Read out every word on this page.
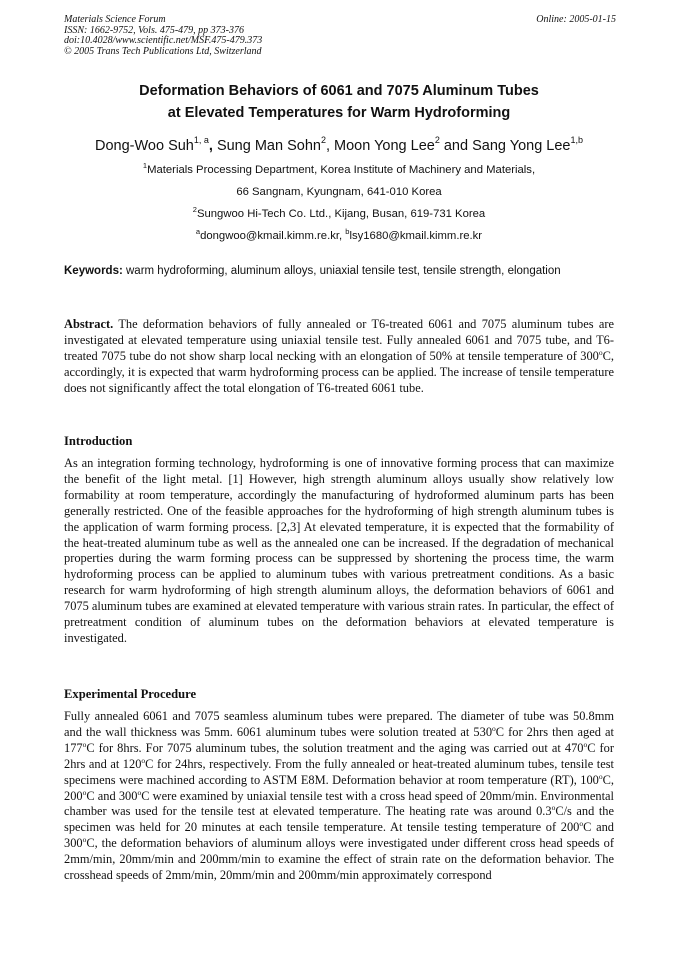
Materials Science Forum
ISSN: 1662-9752, Vols. 475-479, pp 373-376
doi:10.4028/www.scientific.net/MSF.475-479.373
© 2005 Trans Tech Publications Ltd, Switzerland
Online: 2005-01-15
Deformation Behaviors of 6061 and 7075 Aluminum Tubes
at Elevated Temperatures for Warm Hydroforming
Dong-Woo Suh$^{1, a}$, Sung Man Sohn$^2$, Moon Yong Lee$^2$ and Sang Yong Lee$^{1,b}$
$^1$Materials Processing Department, Korea Institute of Machinery and Materials,
66 Sangnam, Kyungnam, 641-010 Korea
$^2$Sungwoo Hi-Tech Co. Ltd., Kijang, Busan, 619-731 Korea
$^a$dongwoo@kmail.kimm.re.kr, $^b$lsy1680@kmail.kimm.re.kr
Keywords: warm hydroforming, aluminum alloys, uniaxial tensile test, tensile strength, elongation
Abstract. The deformation behaviors of fully annealed or T6-treated 6061 and 7075 aluminum tubes are investigated at elevated temperature using uniaxial tensile test. Fully annealed 6061 and 7075 tube, and T6-treated 7075 tube do not show sharp local necking with an elongation of 50% at tensile temperature of 300$^o$C, accordingly, it is expected that warm hydroforming process can be applied. The increase of tensile temperature does not significantly affect the total elongation of T6-treated 6061 tube.
Introduction
As an integration forming technology, hydroforming is one of innovative forming process that can maximize the benefit of the light metal. [1] However, high strength aluminum alloys usually show relatively low formability at room temperature, accordingly the manufacturing of hydroformed aluminum parts has been generally restricted. One of the feasible approaches for the hydroforming of high strength aluminum tubes is the application of warm forming process. [2,3] At elevated temperature, it is expected that the formability of the heat-treated aluminum tube as well as the annealed one can be increased. If the degradation of mechanical properties during the warm forming process can be suppressed by shortening the process time, the warm hydroforming process can be applied to aluminum tubes with various pretreatment conditions. As a basic research for warm hydroforming of high strength aluminum alloys, the deformation behaviors of 6061 and 7075 aluminum tubes are examined at elevated temperature with various strain rates. In particular, the effect of pretreatment condition of aluminum tubes on the deformation behaviors at elevated temperature is investigated.
Experimental Procedure
Fully annealed 6061 and 7075 seamless aluminum tubes were prepared. The diameter of tube was 50.8mm and the wall thickness was 5mm. 6061 aluminum tubes were solution treated at 530$^o$C for 2hrs then aged at 177$^o$C for 8hrs. For 7075 aluminum tubes, the solution treatment and the aging was carried out at 470$^o$C for 2hrs and at 120$^o$C for 24hrs, respectively. From the fully annealed or heat-treated aluminum tubes, tensile test specimens were machined according to ASTM E8M. Deformation behavior at room temperature (RT), 100$^o$C, 200$^o$C and 300$^o$C were examined by uniaxial tensile test with a cross head speed of 20mm/min. Environmental chamber was used for the tensile test at elevated temperature. The heating rate was around 0.3$^o$C/s and the specimen was held for 20 minutes at each tensile temperature. At tensile testing temperature of 200$^o$C and 300$^o$C, the deformation behaviors of aluminum alloys were investigated under different cross head speeds of 2mm/min, 20mm/min and 200mm/min to examine the effect of strain rate on the deformation behavior. The crosshead speeds of 2mm/min, 20mm/min and 200mm/min approximately correspond
